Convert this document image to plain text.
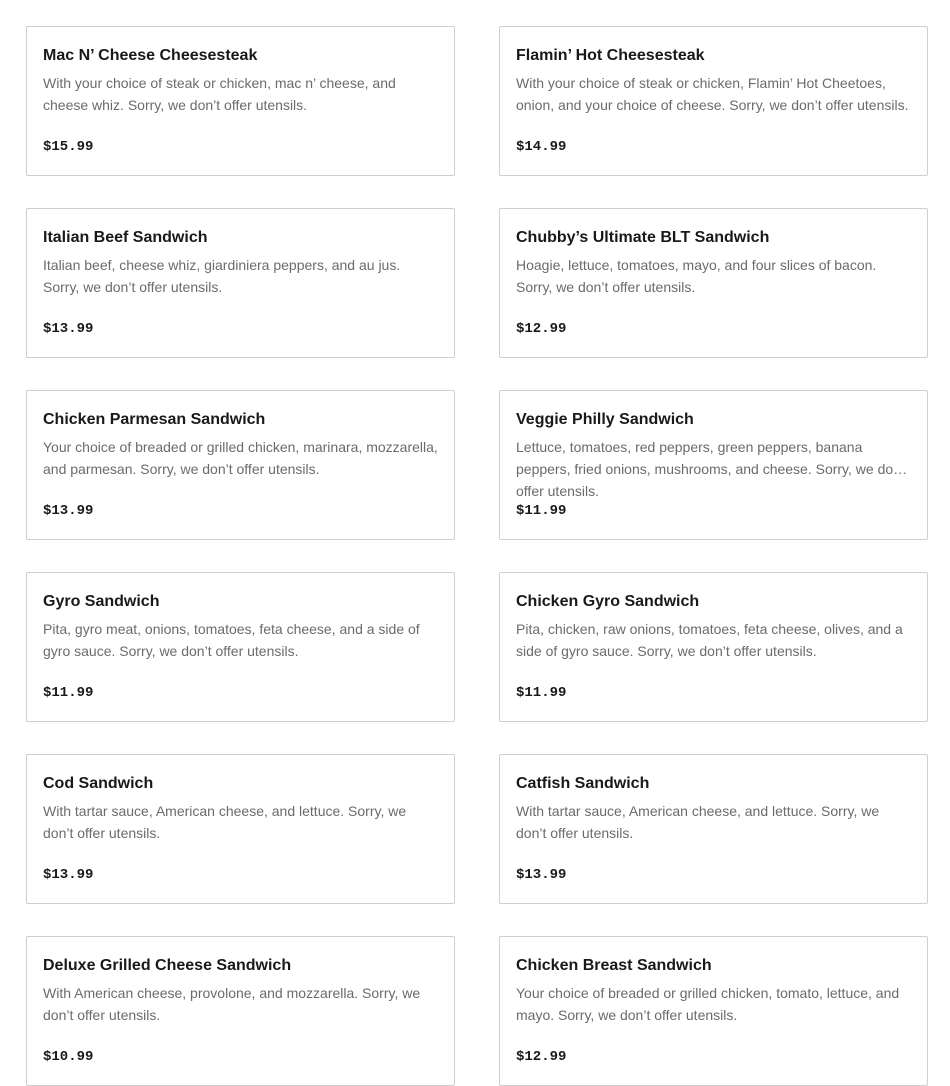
Mac N’ Cheese Cheesesteak
With your choice of steak or chicken, mac n’ cheese, and cheese whiz. Sorry, we don’t offer utensils.
$15.99
Flamin’ Hot Cheesesteak
With your choice of steak or chicken, Flamin’ Hot Cheetoes, onion, and your choice of cheese. Sorry, we don’t offer utensils.
$14.99
Italian Beef Sandwich
Italian beef, cheese whiz, giardiniera peppers, and au jus. Sorry, we don’t offer utensils.
$13.99
Chubby’s Ultimate BLT Sandwich
Hoagie, lettuce, tomatoes, mayo, and four slices of bacon. Sorry, we don’t offer utensils.
$12.99
Chicken Parmesan Sandwich
Your choice of breaded or grilled chicken, marinara, mozzarella, and parmesan. Sorry, we don’t offer utensils.
$13.99
Veggie Philly Sandwich
Lettuce, tomatoes, red peppers, green peppers, banana peppers, fried onions, mushrooms, and cheese. Sorry, we don’t offer utensils.
$11.99
Gyro Sandwich
Pita, gyro meat, onions, tomatoes, feta cheese, and a side of gyro sauce. Sorry, we don’t offer utensils.
$11.99
Chicken Gyro Sandwich
Pita, chicken, raw onions, tomatoes, feta cheese, olives, and a side of gyro sauce. Sorry, we don’t offer utensils.
$11.99
Cod Sandwich
With tartar sauce, American cheese, and lettuce. Sorry, we don’t offer utensils.
$13.99
Catfish Sandwich
With tartar sauce, American cheese, and lettuce. Sorry, we don’t offer utensils.
$13.99
Deluxe Grilled Cheese Sandwich
With American cheese, provolone, and mozzarella. Sorry, we don’t offer utensils.
$10.99
Chicken Breast Sandwich
Your choice of breaded or grilled chicken, tomato, lettuce, and mayo. Sorry, we don’t offer utensils.
$12.99
